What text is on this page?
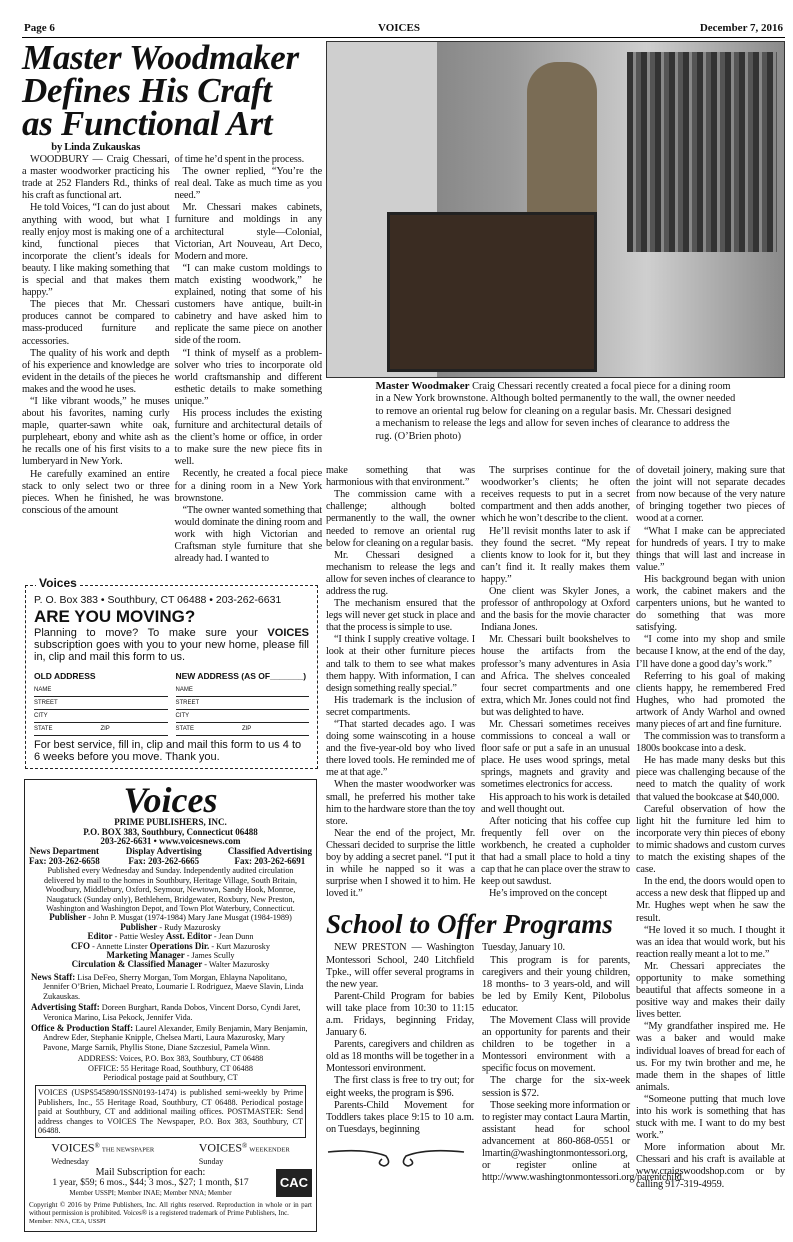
Page 6	VOICES	December 7, 2016
Master Woodmaker
Defines His Craft
as Functional Art

by Linda Zukauskas

WOODBURY — Craig Chessari, a master woodworker practicing his trade at 252 Flanders Rd., thinks of his craft as functional art.

He told Voices, “I can do just about anything with wood, but what I really enjoy most is making one of a kind, functional pieces that incorporate the client’s ideals for beauty. I like making something that is special and that makes them happy.”

The pieces that Mr. Chessari produces cannot be compared to mass-produced furniture and accessories.

The quality of his work and depth of his experience and knowledge are evident in the details of the pieces he makes and the wood he uses.

“I like vibrant woods,” he muses about his favorites, naming curly maple, quarter-sawn white oak, purpleheart, ebony and white ash as he recalls one of his first visits to a lumberyard in New York.

He carefully examined an entire stack to only select two or three pieces. When he finished, he was conscious of the amount

of time he’d spent in the process.

The owner replied, “You’re the real deal. Take as much time as you need.”

Mr. Chessari makes cabinets, furniture and moldings in any architectural style—Colonial, Victorian, Art Nouveau, Art Deco, Modern and more.

“I can make custom moldings to match existing woodwork,” he explained, noting that some of his customers have antique, built-in cabinetry and have asked him to replicate the same piece on another side of the room.

“I think of myself as a problem-solver who tries to incorporate old world craftsmanship and different esthetic details to make something unique.”

His process includes the existing furniture and architectural details of the client’s home or office, in order to make sure the new piece fits in well.

Recently, he created a focal piece for a dining room in a New York brownstone.

“The owner wanted something that would dominate the dining room and work with high Victorian and Craftsman style furniture that she already had. I wanted to

Voices
P. O. Box 383 • Southbury, CT 06488 • 203-262-6631
ARE YOU MOVING?
Planning to move? To make sure your VOICES subscription goes with you to your new home, please fill in, clip and mail this form to us.
OLD ADDRESS
NAME
STREET
CITY
STATE	ZIP
NEW ADDRESS (AS OF_______)
NAME
STREET
CITY
STATE	ZIP
For best service, fill in, clip and mail this form to us 4 to 6 weeks before you move. Thank you.
Voices
PRIME PUBLISHERS, INC.
P.O. BOX 383, Southbury, Connecticut 06488
203-262-6631 • www.voicesnews.com
News Department
Fax: 203-262-6658
Display Advertising
Fax: 203-262-6665
Classified Advertising
Fax: 203-262-6691
Published every Wednesday and Sunday. Independently audited circulation delivered by mail to the homes in Southbury, Heritage Village, South Britain, Woodbury, Middlebury, Oxford, Seymour, Newtown, Sandy Hook, Monroe, Naugatuck (Sunday only), Bethlehem, Bridgewater, Roxbury, New Preston, Washington and Washington Depot, and Town Plot Waterbury, Connecticut.
Publisher - John P. Musgat (1974-1984) Mary Jane Musgat (1984-1989)
Publisher - Rudy Mazurosky
Editor - Pattie Wesley Asst. Editor - Jean Dunn
CFO - Annette Linster Operations Dir. - Kurt Mazurosky
Marketing Manager - James Scully
Circulation & Classified Manager - Walter Mazurosky

News Staff: Lisa DeFeo, Sherry Morgan, Tom Morgan, Ehlayna Napolitano, Jennifer O’Brien, Michael Preato, Loumarie I. Rodriguez, Maeve Slavin, Linda Zukauskas.

Advertising Staff: Doreen Burghart, Randa Dobos, Vincent Dorso, Cyndi Jaret, Veronica Marino, Lisa Pekock, Jennifer Vida.

Office & Production Staff: Laurel Alexander, Emily Benjamin, Mary Benjamin, Andrew Eder, Stephanie Knipple, Chelsea Marti, Laura Mazurosky, Mary Pavone, Marge Sarnik, Phyllis Stone, Diane Szczesiul, Pamela Winn.

ADDRESS: Voices, P.O. Box 383, Southbury, CT 06488
OFFICE: 55 Heritage Road, Southbury, CT 06488
Periodical postage paid at Southbury, CT
VOICES (USPS545890/ISSN0193-1474) is published semi-weekly by Prime Publishers, Inc., 55 Heritage Road, Southbury, CT 06488. Periodical postage paid at Southbury, CT and additional mailing offices. POSTMASTER: Send address changes to VOICES The Newspaper, P.O. Box 383, Southbury, CT 06488.
VOICES® THE NEWSPAPER
Wednesday
VOICES® WEEKENDER
Sunday
Mail Subscription for each:
1 year, $59; 6 mos., $44; 3 mos., $27; 1 month, $17
Member USSPI; Member INAE; Member NNA; Member
CAC
Copyright © 2016 by Prime Publishers, Inc. All rights reserved. Reproduction in whole or in part without permission is prohibited. Voices® is a registered trademark of Prime Publishers, Inc.
Member: NNA, CEA, USSPI
Master Woodmaker Craig Chessari recently created a focal piece for a dining room in a New York brownstone. Although bolted permanently to the wall, the owner needed to remove an oriental rug below for cleaning on a regular basis. Mr. Chessari designed a mechanism to release the legs and allow for seven inches of clearance to address the rug. (O’Brien photo)

make something that was harmonious with that environment.”

The commission came with a challenge; although bolted permanently to the wall, the owner needed to remove an oriental rug below for cleaning on a regular basis.

Mr. Chessari designed a mechanism to release the legs and allow for seven inches of clearance to address the rug.

The mechanism ensured that the legs will never get stuck in place and that the process is simple to use.

“I think I supply creative voltage. I look at their other furniture pieces and talk to them to see what makes them happy. With information, I can design something really special.”

His trademark is the inclusion of secret compartments.

“That started decades ago. I was doing some wainscoting in a house and the five-year-old boy who lived there loved tools. He reminded me of me at that age.”

When the master woodworker was small, he preferred his mother take him to the hardware store than the toy store.

Near the end of the project, Mr. Chessari decided to surprise the little boy by adding a secret panel. “I put it in while he napped so it was a surprise when I showed it to him. He loved it.”

The surprises continue for the woodworker’s clients; he often receives requests to put in a secret compartment and then adds another, which he won’t describe to the client.

He’ll revisit months later to ask if they found the secret. “My repeat clients know to look for it, but they can’t find it. It really makes them happy.”

One client was Skyler Jones, a professor of anthropology at Oxford and the basis for the movie character Indiana Jones.

Mr. Chessari built bookshelves to house the artifacts from the professor’s many adventures in Asia and Africa. The shelves concealed four secret compartments and one extra, which Mr. Jones could not find but was delighted to have.

Mr. Chessari sometimes receives commissions to conceal a wall or floor safe or put a safe in an unusual place. He uses wood springs, metal springs, magnets and gravity and sometimes electronics for access.

His approach to his work is detailed and well thought out.

After noticing that his coffee cup frequently fell over on the workbench, he created a cupholder that had a small place to hold a tiny cap that he can place over the straw to keep out sawdust.

He’s improved on the concept

School to Offer Programs

NEW PRESTON — Washington Montessori School, 240 Litchfield Tpke., will offer several programs in the new year.

Parent-Child Program for babies will take place from 10:30 to 11:15 a.m. Fridays, beginning Friday, January 6.

Parents, caregivers and children as old as 18 months will be together in a Montessori environment.

The first class is free to try out; for eight weeks, the program is $96.

Parents-Child Movement for Toddlers takes place 9:15 to 10 a.m. on Tuesdays, beginning

Tuesday, January 10.

This program is for parents, caregivers and their young children, 18 months- to 3 years-old, and will be led by Emily Kent, Pilobolus educator.

The Movement Class will provide an opportunity for parents and their children to be together in a Montessori environment with a specific focus on movement.

The charge for the six-week session is $72.

Those seeking more information or to register may contact Laura Martin, assistant head for school advancement at 860-868-0551 or lmartin@washingtonmontessori.org, or register online at http://www.washingtonmontessori.org/parentchild.

of dovetail joinery, making sure that the joint will not separate decades from now because of the very nature of bringing together two pieces of wood at a corner.

“What I make can be appreciated for hundreds of years. I try to make things that will last and increase in value.”

His background began with union work, the cabinet makers and the carpenters unions, but he wanted to do something that was more satisfying.

“I come into my shop and smile because I know, at the end of the day, I’ll have done a good day’s work.”

Referring to his goal of making clients happy, he remembered Fred Hughes, who had promoted the artwork of Andy Warhol and owned many pieces of art and fine furniture.

The commission was to transform a 1800s bookcase into a desk.

He has made many desks but this piece was challenging because of the need to match the quality of work that valued the bookcase at $40,000.

Careful observation of how the light hit the furniture led him to incorporate very thin pieces of ebony to mimic shadows and custom curves to match the existing shapes of the case.

In the end, the doors would open to access a new desk that flipped up and Mr. Hughes wept when he saw the result.

“He loved it so much. I thought it was an idea that would work, but his reaction really meant a lot to me.”

Mr. Chessari appreciates the opportunity to make something beautiful that affects someone in a positive way and makes their daily lives better.

“My grandfather inspired me. He was a baker and would make individual loaves of bread for each of us. For my twin brother and me, he made them in the shapes of little animals.

“Someone putting that much love into his work is something that has stuck with me. I want to do my best work.”

More information about Mr. Chessari and his craft is available at www.craigswoodshop.com or by calling 917-319-4959.
